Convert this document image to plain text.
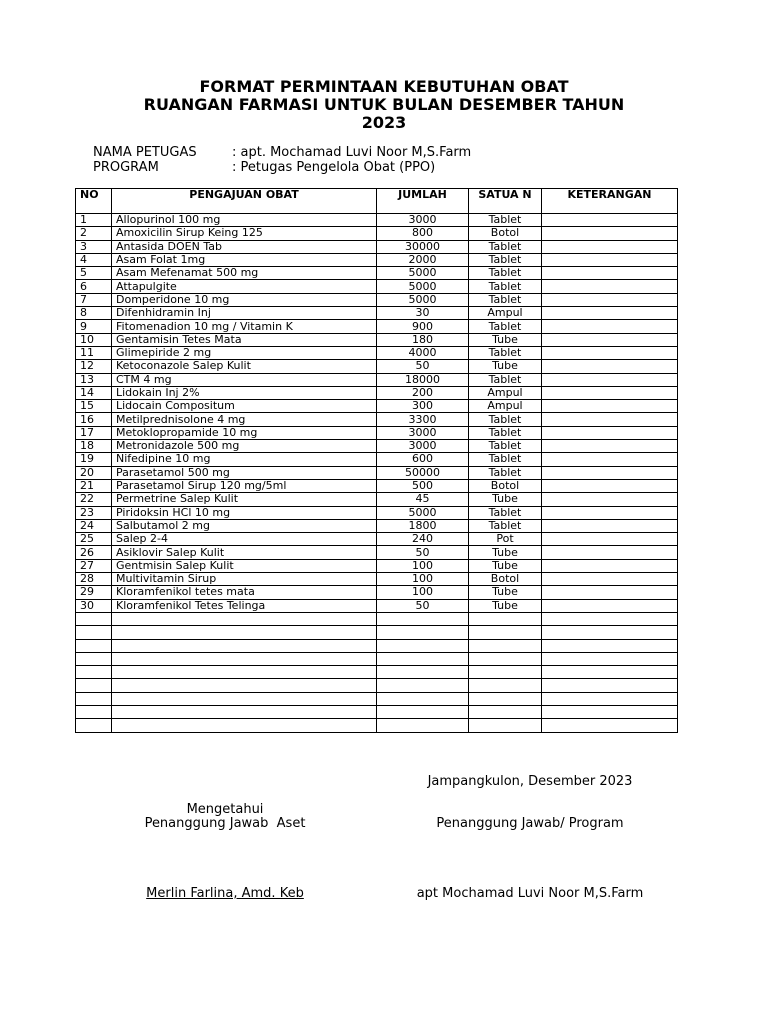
FORMAT PERMINTAAN KEBUTUHAN OBAT
RUANGAN FARMASI UNTUK BULAN DESEMBER TAHUN
2023
NAMA PETUGAS	: apt. Mochamad Luvi Noor M,S.Farm
PROGRAM	: Petugas Pengelola Obat (PPO)
NO	PENGAJUAN OBAT	JUMLAH	SATUA N	KETERANGAN
1	Allopurinol 100 mg	3000	Tablet	
2	Amoxicilin Sirup Keing 125	800	Botol	
3	Antasida DOEN Tab	30000	Tablet	
4	Asam Folat 1mg	2000	Tablet	
5	Asam Mefenamat 500 mg	5000	Tablet	
6	Attapulgite	5000	Tablet	
7	Domperidone 10 mg	5000	Tablet	
8	Difenhidramin Inj	30	Ampul	
9	Fitomenadion 10 mg / Vitamin K	900	Tablet	
10	Gentamisin Tetes Mata	180	Tube	
11	Glimepiride 2 mg	4000	Tablet	
12	Ketoconazole Salep Kulit	50	Tube	
13	CTM 4 mg	18000	Tablet	
14	Lidokain Inj 2%	200	Ampul	
15	Lidocain Compositum	300	Ampul	
16	Metilprednisolone 4 mg	3300	Tablet	
17	Metoklopropamide 10 mg	3000	Tablet	
18	Metronidazole 500 mg	3000	Tablet	
19	Nifedipine 10 mg	600	Tablet	
20	Parasetamol 500 mg	50000	Tablet	
21	Parasetamol Sirup 120 mg/5ml	500	Botol	
22	Permetrine Salep Kulit	45	Tube	
23	Piridoksin HCl 10 mg	5000	Tablet	
24	Salbutamol 2 mg	1800	Tablet	
25	Salep 2-4	240	Pot	
26	Asiklovir Salep Kulit	50	Tube	
27	Gentmisin Salep Kulit	100	Tube	
28	Multivitamin Sirup	100	Botol	
29	Kloramfenikol tetes mata	100	Tube	
30	Kloramfenikol Tetes Telinga	50	Tube	

Jampangkulon, Desember 2023
Mengetahui
Penanggung Jawab  Aset	Penanggung Jawab/ Program
Merlin Farlina, Amd. Keb	apt Mochamad Luvi Noor M,S.Farm
